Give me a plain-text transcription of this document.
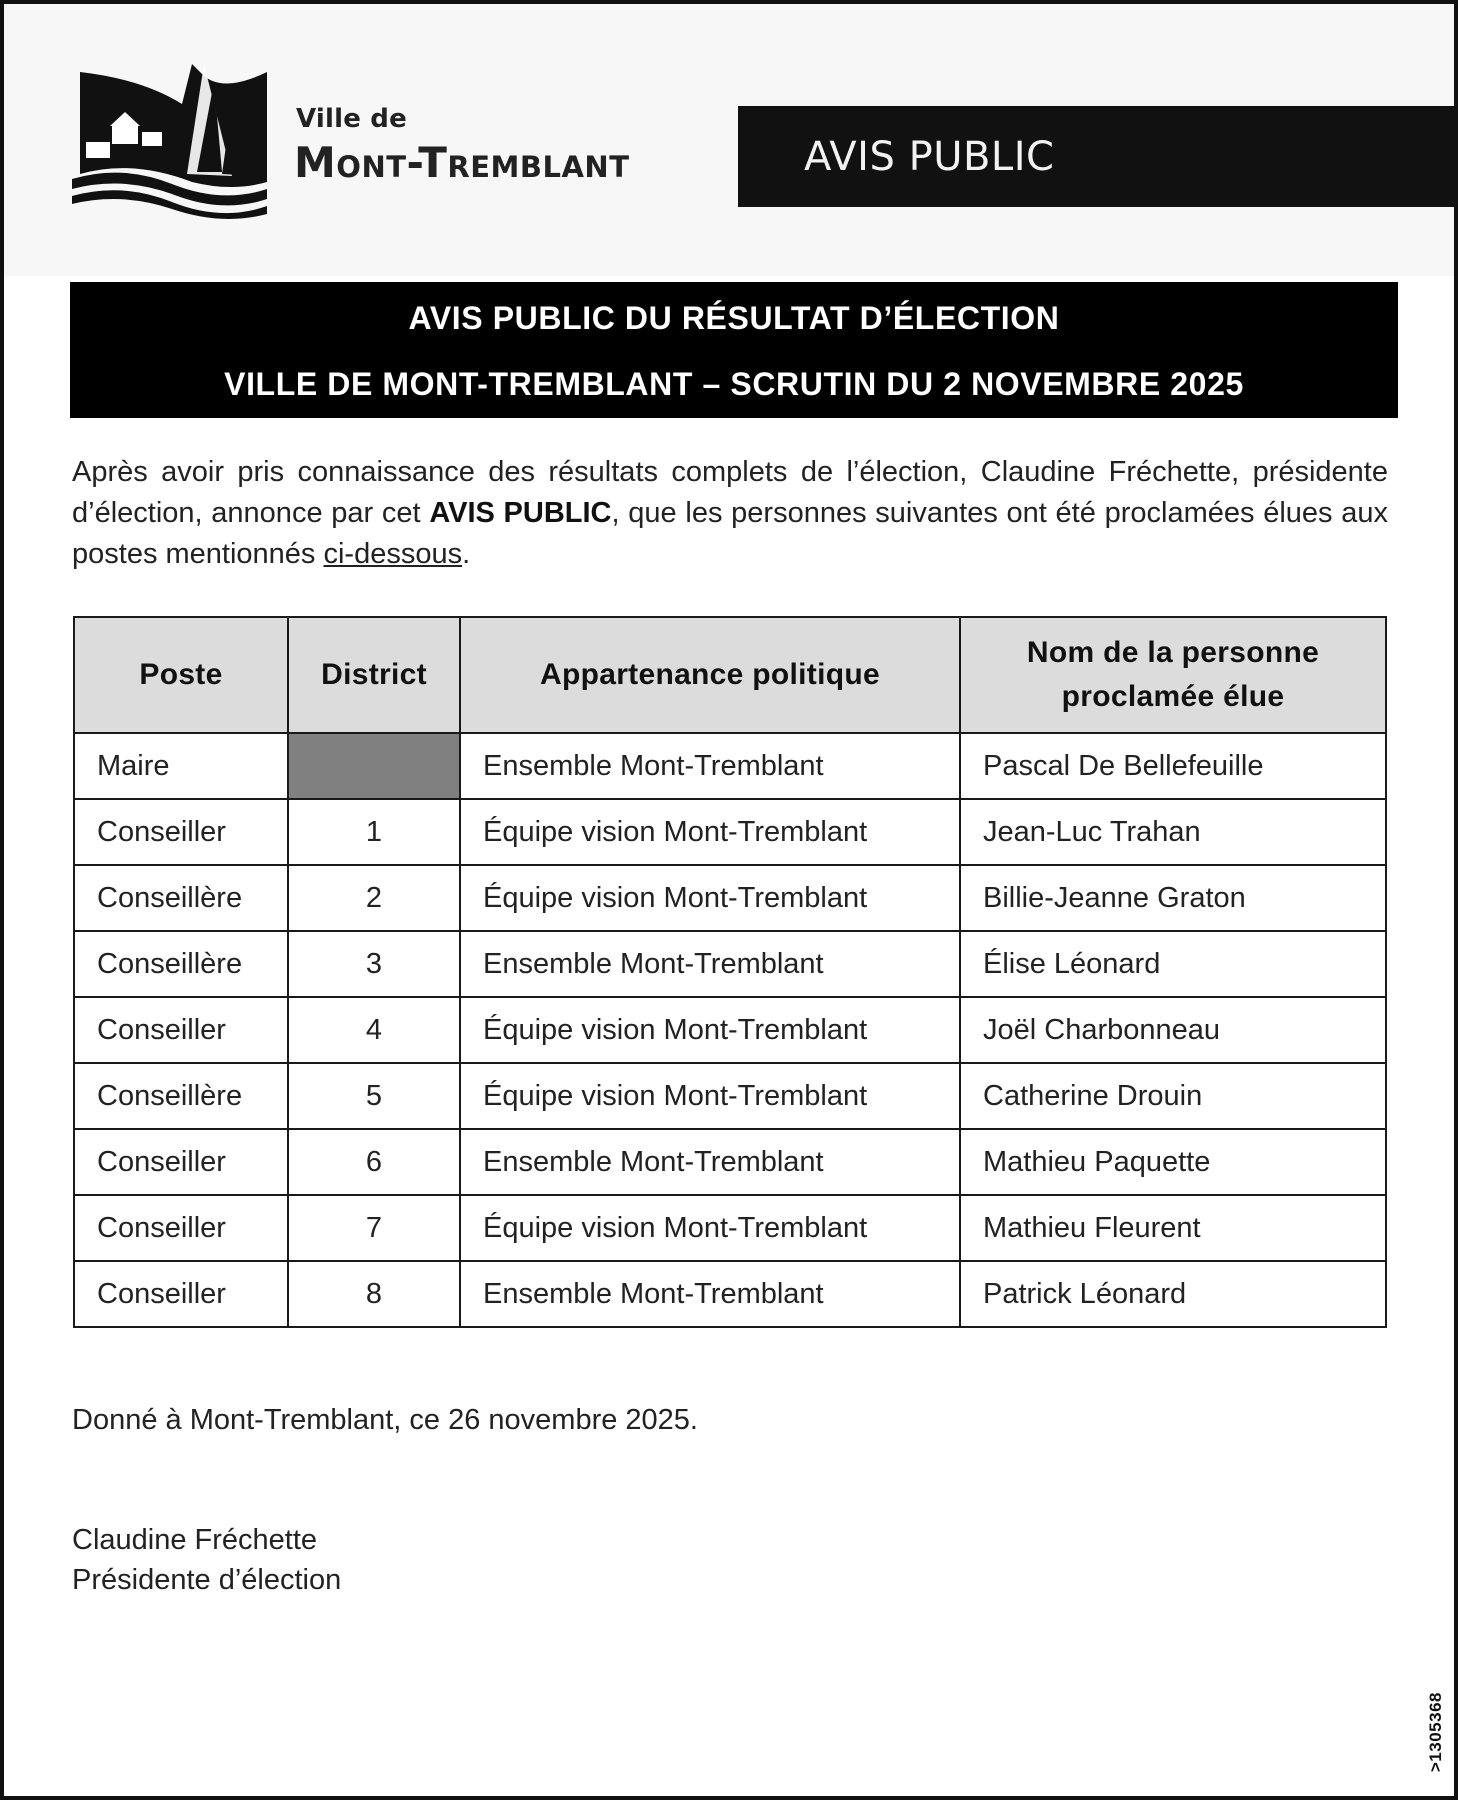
Ville de
Mont-Tremblant	AVIS PUBLIC
AVIS PUBLIC DU RÉSULTAT D’ÉLECTION
VILLE DE MONT-TREMBLANT – SCRUTIN DU 2 NOVEMBRE 2025

Après avoir pris connaissance des résultats complets de l’élection, Claudine Fréchette, présidente d’élection, annonce par cet AVIS PUBLIC, que les personnes suivantes ont été proclamées élues aux postes mentionnés ci-dessous.

Poste	District	Appartenance politique	Nom de la personne
proclamée élue
Maire		Ensemble Mont-Tremblant	Pascal De Bellefeuille
Conseiller	1	Équipe vision Mont-Tremblant	Jean-Luc Trahan
Conseillère	2	Équipe vision Mont-Tremblant	Billie-Jeanne Graton
Conseillère	3	Ensemble Mont-Tremblant	Élise Léonard
Conseiller	4	Équipe vision Mont-Tremblant	Joël Charbonneau
Conseillère	5	Équipe vision Mont-Tremblant	Catherine Drouin
Conseiller	6	Ensemble Mont-Tremblant	Mathieu Paquette
Conseiller	7	Équipe vision Mont-Tremblant	Mathieu Fleurent
Conseiller	8	Ensemble Mont-Tremblant	Patrick Léonard
Donné à Mont-Tremblant, ce 26 novembre 2025.
Claudine Fréchette
Présidente d’élection
>1305368
